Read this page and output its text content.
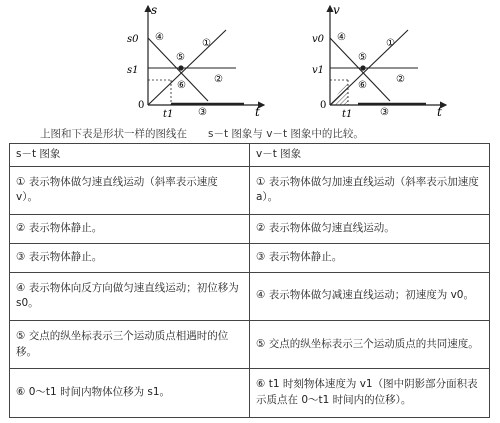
s
t
0
s0
s1
t1
①
②
③
④
⑤
⑥
v
t
0
v0
v1
t1
①
②
③
④
⑤
⑥
上图和下表是形状一样的图线在　　s－t 图象与 v－t 图象中的比较。
s－t 图象	v－t 图象
① 表示物体做匀速直线运动（斜率表示速度 v）。	① 表示物体做匀加速直线运动（斜率表示加速度 a）。
② 表示物体静止。	② 表示物体做匀速直线运动。
③ 表示物体静止。	③ 表示物体静止。
④ 表示物体向反方向做匀速直线运动；初位移为 s0。	④ 表示物体做匀减速直线运动；初速度为 v0。
⑤ 交点的纵坐标表示三个运动质点相遇时的位移。	⑤ 交点的纵坐标表示三个运动质点的共同速度。
⑥ 0～t1 时间内物体位移为 s1。	⑥ t1 时刻物体速度为 v1（图中阴影部分面积表示质点在 0～t1 时间内的位移）。
